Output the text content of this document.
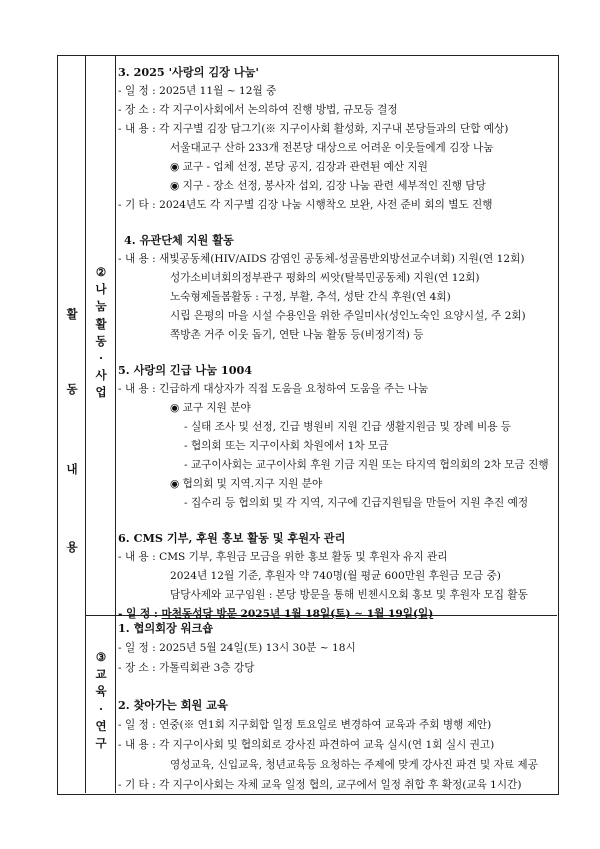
활
동
내
용
②
나
눔
활
동
·
사
업
③
교
육
·
연
구
3. 2025 '사랑의 김장 나눔'
- 일 정 : 2025년 11월 ~ 12월 중
- 장 소 : 각 지구이사회에서 논의하여 진행 방법, 규모등 결정
- 내 용 : 각 지구별 김장 담그기(※ 지구이사회 활성화, 지구내 본당들과의 단합 예상)
서울대교구 산하 233개 전본당 대상으로 어려운 이웃들에게 김장 나눔
◉ 교구 - 업체 선정, 본당 공지, 김장과 관련된 예산 지원
◉ 지구 - 장소 선정, 봉사자 섭외, 김장 나눔 관련 세부적인 진행 담당
- 기 타 : 2024년도 각 지구별 김장 나눔 시행착오 보완, 사전 준비 회의 별도 진행
4. 유관단체 지원 활동
- 내 용 : 새빛공동체(HIV/AIDS 감염인 공동체-성골롬반외방선교수녀회) 지원(연 12회)
성가소비녀회의정부관구 평화의 씨앗(탈북민공동체) 지원(연 12회)
노숙형제돌봄활동 : 구정, 부활, 추석, 성탄 간식 후원(연 4회)
시립 은평의 마을 시설 수용인을 위한 주일미사(성인노숙인 요양시설, 주 2회)
쪽방촌 거주 이웃 돕기, 연탄 나눔 활동 등(비정기적) 등
5. 사랑의 긴급 나눔 1004
- 내 용 : 긴급하게 대상자가 직접 도움을 요청하여 도움을 주는 나눔
◉ 교구 지원 분야
- 실태 조사 및 선정, 긴급 병원비 지원 긴급 생활지원금 및 장례 비용 등
- 협의회 또는 지구이사회 차원에서 1차 모금
- 교구이사회는 교구이사회 후원 기금 지원 또는 타지역 협의회의 2차 모금 진행
◉ 협의회 및 지역.지구 지원 분야
- 집수리 등 협의회 및 각 지역, 지구에 긴급지원팀을 만들어 지원 추진 예정
6. CMS 기부, 후원 홍보 활동 및 후원자 관리
- 내 용 : CMS 기부, 후원금 모금을 위한 홍보 활동 및 후원자 유지 관리
2024년 12월 기준, 후원자 약 740명(월 평균 600만원 후원금 모금 중)
담당사제와 교구임원 : 본당 방문을 통해 빈첸시오회 홍보 및 후원자 모집 활동
- 일 정 : 마천동성당 방문 2025년 1월 18일(토) ~ 1월 19일(일)
1. 협의회장 워크숍
- 일 정 : 2025년 5월 24일(토) 13시 30분 ~ 18시
- 장 소 : 가톨릭회관 3층 강당
2. 찾아가는 회원 교육
- 일 정 : 연중(※ 연1회 지구회합 일정 토요일로 변경하여 교육과 주회 병행 제안)
- 내 용 : 각 지구이사회 및 협의회로 강사진 파견하여 교육 실시(연 1회 실시 권고)
영성교육, 신입교육, 청년교육등 요청하는 주제에 맞게 강사진 파견 및 자료 제공
- 기 타 : 각 지구이사회는 자체 교육 일정 협의, 교구에서 일정 취합 후 확정(교육 1시간)
